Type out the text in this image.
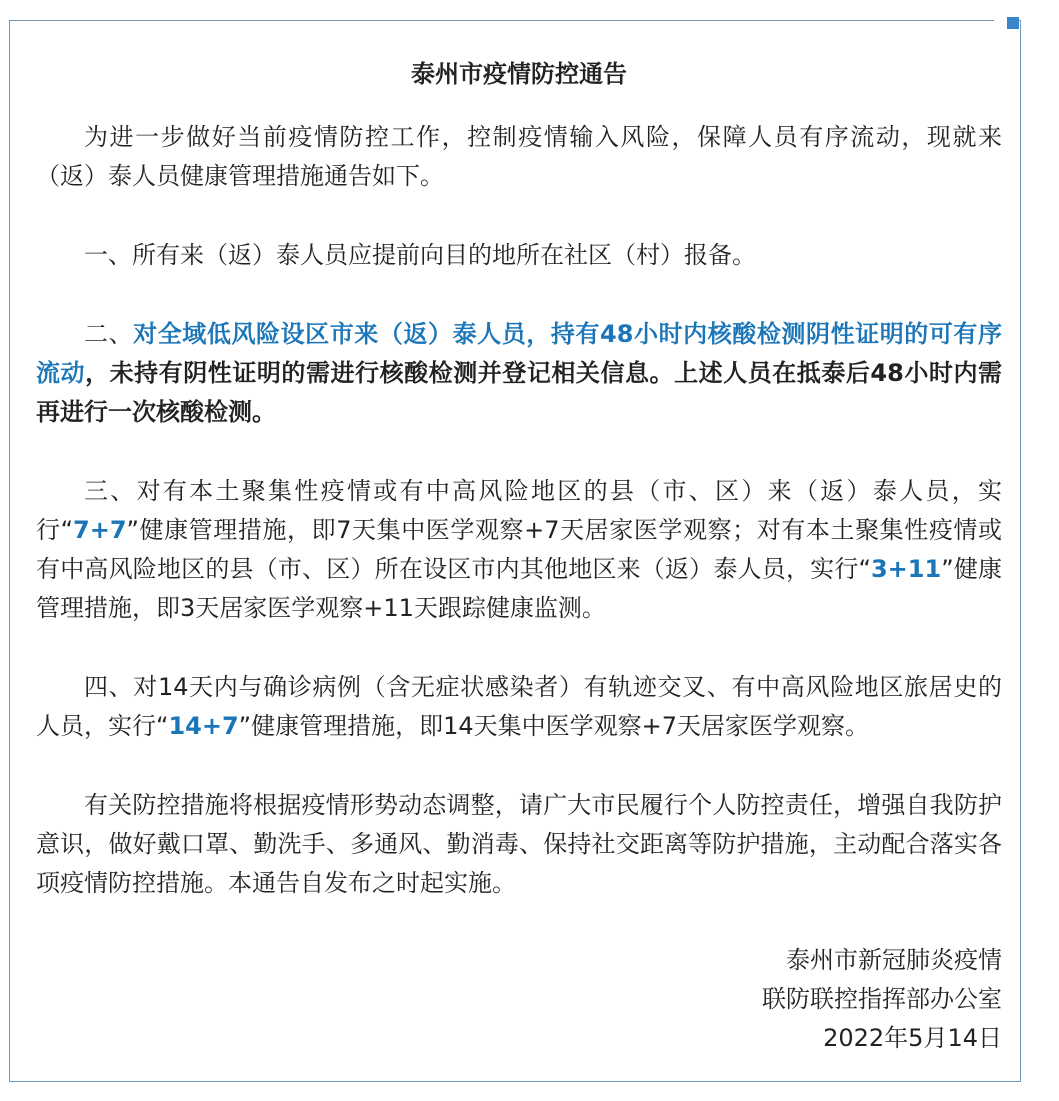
泰州市疫情防控通告

为进一步做好当前疫情防控工作，控制疫情输入风险，保障人员有序流动，现就来（返）泰人员健康管理措施通告如下。

一、所有来（返）泰人员应提前向目的地所在社区（村）报备。

二、对全域低风险设区市来（返）泰人员，持有48小时内核酸检测阴性证明的可有序流动，未持有阴性证明的需进行核酸检测并登记相关信息。上述人员在抵泰后48小时内需再进行一次核酸检测。

三、对有本土聚集性疫情或有中高风险地区的县（市、区）来（返）泰人员，实行“7+7”健康管理措施，即7天集中医学观察+7天居家医学观察；对有本土聚集性疫情或有中高风险地区的县（市、区）所在设区市内其他地区来（返）泰人员，实行“3+11”健康管理措施，即3天居家医学观察+11天跟踪健康监测。

四、对14天内与确诊病例（含无症状感染者）有轨迹交叉、有中高风险地区旅居史的人员，实行“14+7”健康管理措施，即14天集中医学观察+7天居家医学观察。

有关防控措施将根据疫情形势动态调整，请广大市民履行个人防控责任，增强自我防护意识，做好戴口罩、勤洗手、多通风、勤消毒、保持社交距离等防护措施，主动配合落实各项疫情防控措施。本通告自发布之时起实施。

泰州市新冠肺炎疫情
联防联控指挥部办公室
2022年5月14日
